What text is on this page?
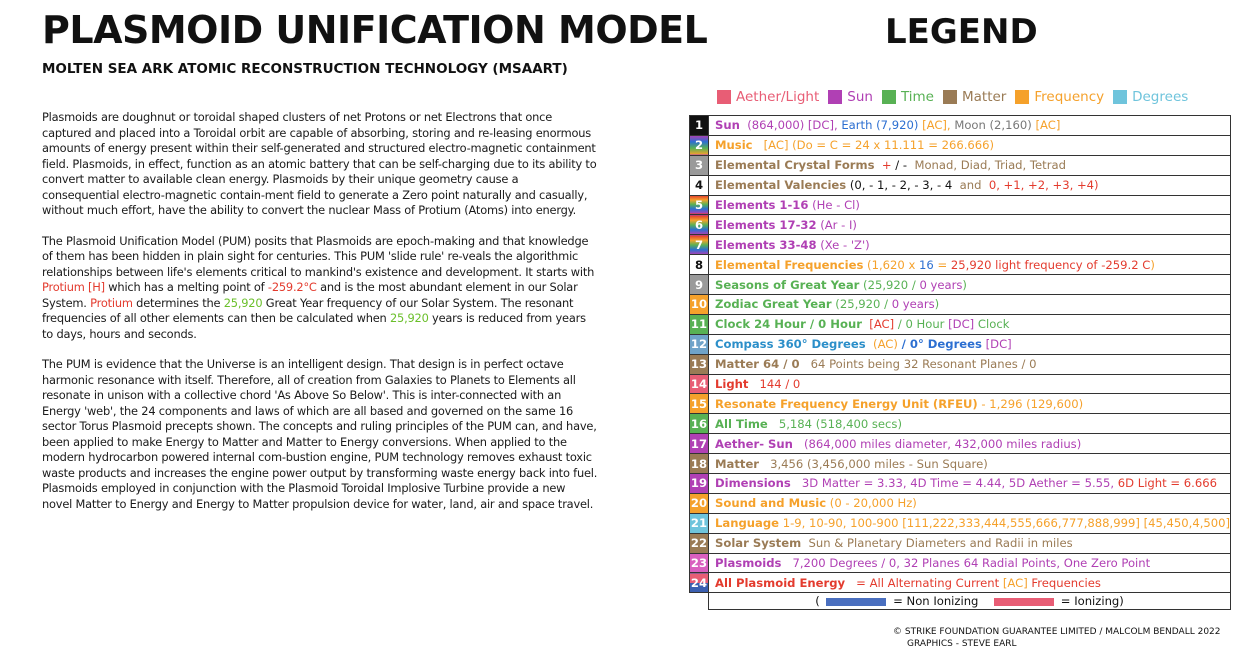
PLASMOID UNIFICATION MODEL
MOLTEN SEA ARK ATOMIC RECONSTRUCTION TECHNOLOGY (MSAART)
LEGEND

Plasmoids are doughnut or toroidal shaped clusters of net Protons or net Electrons that once captured and placed into a Toroidal orbit are capable of absorbing, storing and re-leasing enormous amounts of energy present within their self-generated and structured electro-magnetic containment field. Plasmoids, in effect, function as an atomic battery that can be self-charging due to its ability to convert matter to available clean energy. Plasmoids by their unique geometry cause a consequential electro-magnetic contain-ment field to generate a Zero point naturally and casually, without much effort, have the ability to convert the nuclear Mass of Protium (Atoms) into energy.

The Plasmoid Unification Model (PUM) posits that Plasmoids are epoch-making and that knowledge of them has been hidden in plain sight for centuries. This PUM 'slide rule' re-veals the algorithmic relationships between life's elements critical to mankind's existence and development. It starts with Protium [H] which has a melting point of -259.2°C and is the most abundant element in our Solar System. Protium determines the 25,920 Great Year frequency of our Solar System. The resonant frequencies of all other elements can then be calculated when 25,920 years is reduced from years to days, hours and seconds.

The PUM is evidence that the Universe is an intelligent design. That design is in perfect octave harmonic resonance with itself. Therefore, all of creation from Galaxies to Planets to Elements all resonate in unison with a collective chord 'As Above So Below'. This is inter-connected with an Energy 'web', the 24 components and laws of which are all based and governed on the same 16 sector Torus Plasmoid precepts shown. The concepts and ruling principles of the PUM can, and have, been applied to make Energy to Matter and Matter to Energy conversions. When applied to the modern hydrocarbon powered internal com-bustion engine, PUM technology removes exhaust toxic waste products and increases the engine power output by transforming waste energy back into fuel. Plasmoids employed in conjunction with the Plasmoid Toroidal Implosive Turbine provide a new novel Matter to Energy and Energy to Matter propulsion device for water, land, air and space travel.

Aether/Light Sun Time Matter Frequency Degrees
1	Sun  (864,000) [DC], Earth (7,920) [AC], Moon (2,160) [AC]
2	Music   [AC] (Do = C = 24 x 11.111 = 266.666)
3	Elemental Crystal Forms  + / -  Monad, Diad, Triad, Tetrad
4	Elemental Valencies (0, - 1, - 2, - 3, - 4  and  0, +1, +2, +3, +4)
5	Elements 1-16 (He - Cl)
6	Elements 17-32 (Ar - I)
7	Elements 33-48 (Xe - 'Z')
8	Elemental Frequencies (1,620 x 16 = 25,920 light frequency of -259.2 C)
9	Seasons of Great Year (25,920 / 0 years)
10	Zodiac Great Year (25,920 / 0 years)
11	Clock 24 Hour / 0 Hour  [AC] / 0 Hour [DC] Clock
12	Compass 360° Degrees  (AC) / 0° Degrees [DC]
13	Matter 64 / 0   64 Points being 32 Resonant Planes / 0
14	Light   144 / 0
15	Resonate Frequency Energy Unit (RFEU) - 1,296 (129,600)
16	All Time   5,184 (518,400 secs)
17	Aether- Sun   (864,000 miles diameter, 432,000 miles radius)
18	Matter   3,456 (3,456,000 miles - Sun Square)
19	Dimensions   3D Matter = 3.33, 4D Time = 4.44, 5D Aether = 5.55, 6D Light = 6.666
20	Sound and Music (0 - 20,000 Hz)
21	Language 1-9, 10-90, 100-900 [111,222,333,444,555,666,777,888,999] [45,450,4,500]
22	Solar System  Sun & Planetary Diameters and Radii in miles
23	Plasmoids   7,200 Degrees / 0, 32 Planes 64 Radial Points, One Zero Point
24	All Plasmoid Energy   = All Alternating Current [AC] Frequencies
	( = Non Ionizing = Ionizing)
© STRIKE FOUNDATION GUARANTEE LIMITED / MALCOLM BENDALL 2022
GRAPHICS - STEVE EARL
